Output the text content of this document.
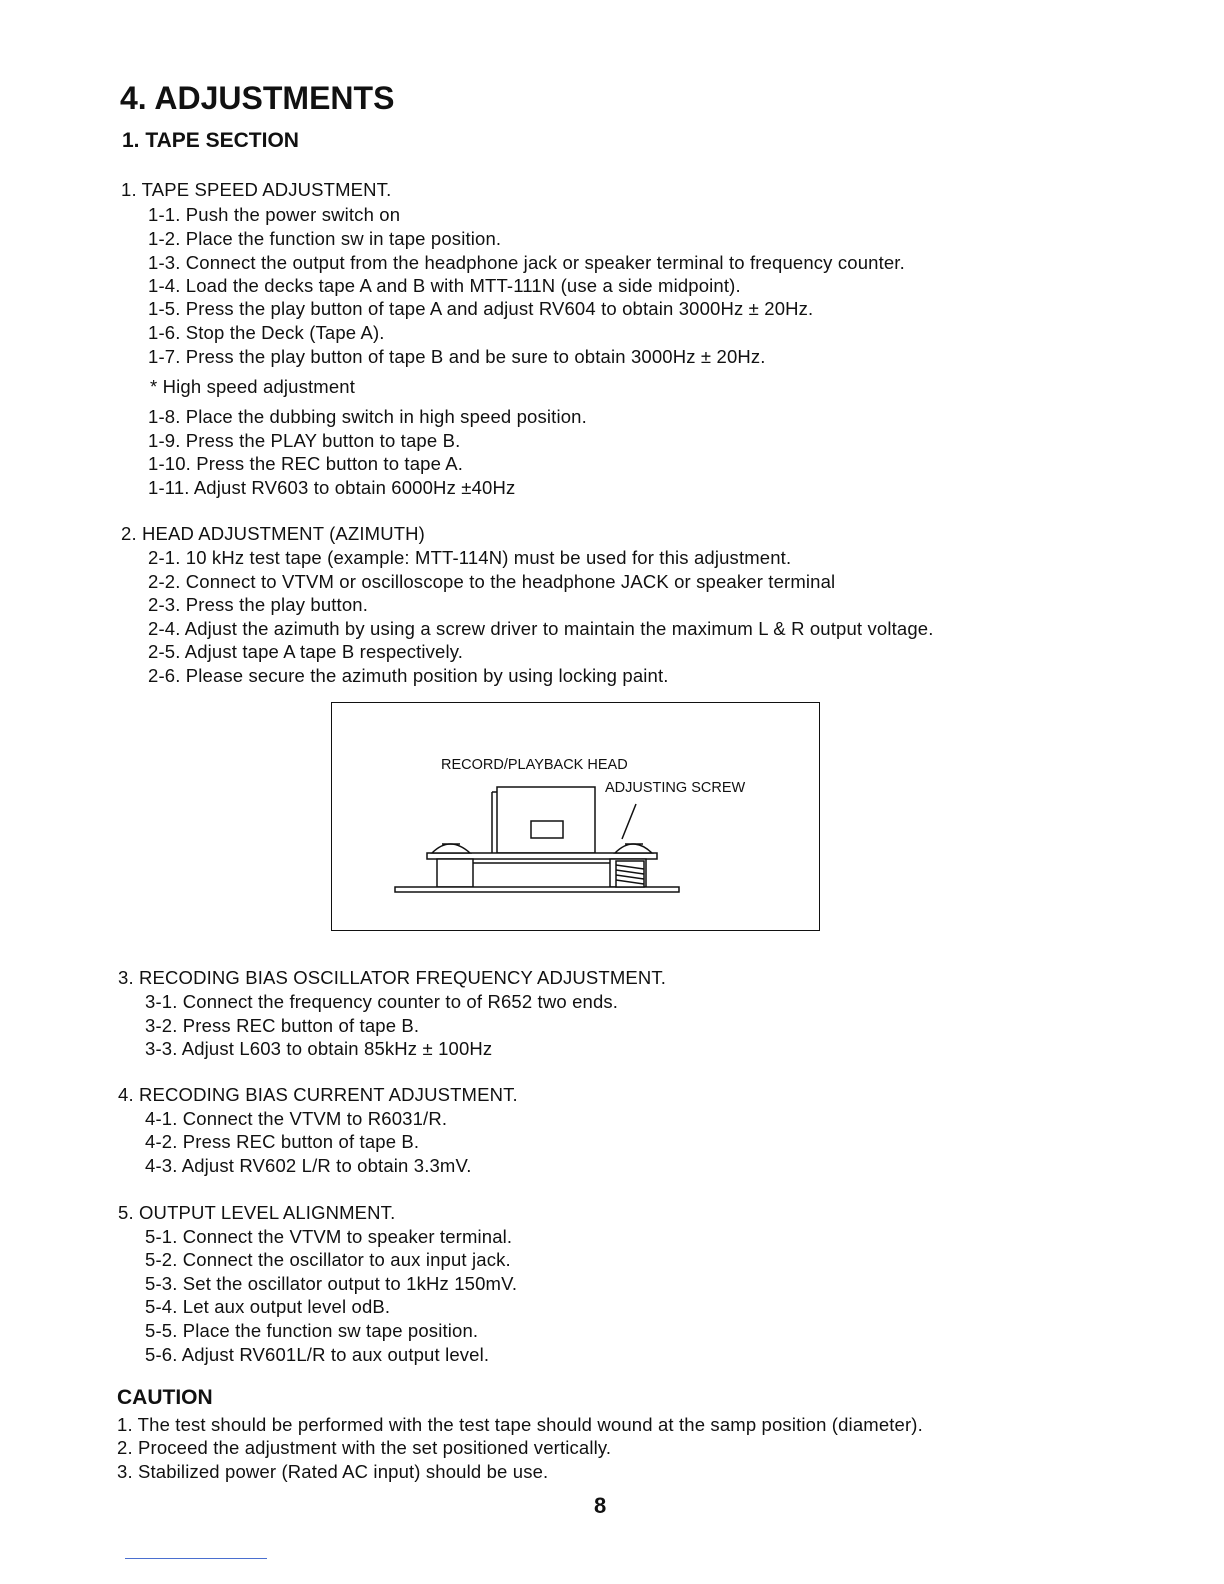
4. ADJUSTMENTS
1. TAPE SECTION
1. TAPE SPEED ADJUSTMENT.
1-1. Push the power switch on
1-2. Place the function sw in tape position.
1-3. Connect the output from the headphone jack or speaker terminal to frequency counter.
1-4. Load the decks tape A and B with MTT-111N (use a side midpoint).
1-5. Press the play button of tape A and adjust RV604 to obtain 3000Hz ± 20Hz.
1-6. Stop the Deck (Tape A).
1-7. Press the play button of tape B and be sure to obtain 3000Hz ± 20Hz.
* High speed adjustment
1-8. Place the dubbing switch in high speed position.
1-9. Press the PLAY button to tape B.
1-10. Press the REC button to tape A.
1-11. Adjust RV603 to obtain 6000Hz ±40Hz
2. HEAD ADJUSTMENT (AZIMUTH)
2-1. 10 kHz test tape (example: MTT-114N) must be used for this adjustment.
2-2. Connect to VTVM or oscilloscope to the headphone JACK or speaker terminal
2-3. Press the play button.
2-4. Adjust the azimuth by using a screw driver to maintain the maximum L & R output voltage.
2-5. Adjust tape A tape B respectively.
2-6. Please secure the azimuth position by using locking paint.
RECORD/PLAYBACK HEAD
ADJUSTING SCREW
3. RECODING BIAS OSCILLATOR FREQUENCY ADJUSTMENT.
3-1. Connect the frequency counter to of R652 two ends.
3-2. Press REC button of tape B.
3-3. Adjust L603 to obtain 85kHz ± 100Hz
4. RECODING BIAS CURRENT ADJUSTMENT.
4-1. Connect the VTVM to R6031/R.
4-2. Press REC button of tape B.
4-3. Adjust RV602 L/R to obtain 3.3mV.
5. OUTPUT LEVEL ALIGNMENT.
5-1. Connect the VTVM to speaker terminal.
5-2. Connect the oscillator to aux input jack.
5-3. Set the oscillator output to 1kHz 150mV.
5-4. Let aux output level odB.
5-5. Place the function sw tape position.
5-6. Adjust RV601L/R to aux output level.
CAUTION
1. The test should be performed with the test tape should wound at the samp position (diameter).
2. Proceed the adjustment with the set positioned vertically.
3. Stabilized power (Rated AC input) should be use.
8
